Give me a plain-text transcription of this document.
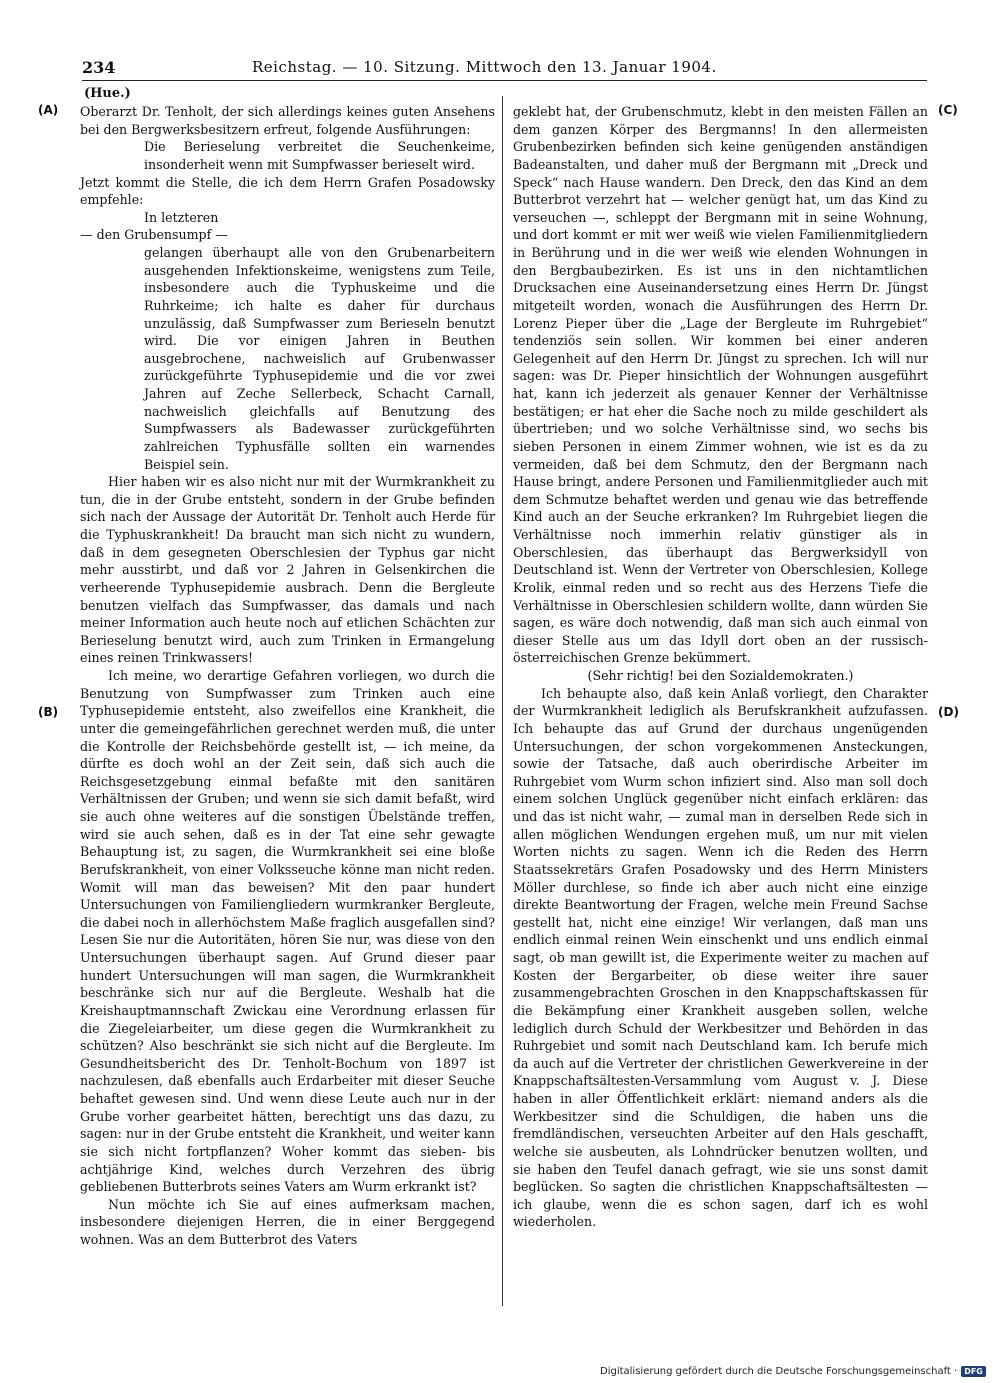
234	Reichstag. — 10. Sitzung. Mittwoch den 13. Januar 1904.
(Hue.)
(A)
(B)
(C)
(D)

Oberarzt Dr. Tenholt, der sich allerdings keines guten Ansehens bei den Bergwerksbesitzern erfreut, folgende Ausführungen:

Die Berieselung verbreitet die Seuchenkeime, insonderheit wenn mit Sumpfwasser berieselt wird.

Jetzt kommt die Stelle, die ich dem Herrn Grafen Posadowsky empfehle:

In letzteren

— den Grubensumpf —

gelangen überhaupt alle von den Grubenarbeitern ausgehenden Infektionskeime, wenigstens zum Teile, insbesondere auch die Typhuskeime und die Ruhrkeime; ich halte es daher für durchaus unzulässig, daß Sumpfwasser zum Berieseln benutzt wird. Die vor einigen Jahren in Beuthen ausgebrochene, nachweislich auf Grubenwasser zurückgeführte Typhusepidemie und die vor zwei Jahren auf Zeche Sellerbeck, Schacht Carnall, nachweislich gleichfalls auf Benutzung des Sumpfwassers als Badewasser zurückgeführten zahlreichen Typhusfälle sollten ein warnendes Beispiel sein.

Hier haben wir es also nicht nur mit der Wurmkrankheit zu tun, die in der Grube entsteht, sondern in der Grube befinden sich nach der Aussage der Autorität Dr. Tenholt auch Herde für die Typhuskrankheit! Da braucht man sich nicht zu wundern, daß in dem gesegneten Oberschlesien der Typhus gar nicht mehr ausstirbt, und daß vor 2 Jahren in Gelsenkirchen die verheerende Typhusepidemie ausbrach. Denn die Bergleute benutzen vielfach das Sumpfwasser, das damals und nach meiner Information auch heute noch auf etlichen Schächten zur Berieselung benutzt wird, auch zum Trinken in Ermangelung eines reinen Trinkwassers!

Ich meine, wo derartige Gefahren vorliegen, wo durch die Benutzung von Sumpfwasser zum Trinken auch eine Typhusepidemie entsteht, also zweifellos eine Krankheit, die unter die gemeingefährlichen gerechnet werden muß, die unter die Kontrolle der Reichsbehörde gestellt ist, — ich meine, da dürfte es doch wohl an der Zeit sein, daß sich auch die Reichsgesetzgebung einmal befaßte mit den sanitären Verhältnissen der Gruben; und wenn sie sich damit befaßt, wird sie auch ohne weiteres auf die sonstigen Übelstände treffen, wird sie auch sehen, daß es in der Tat eine sehr gewagte Behauptung ist, zu sagen, die Wurmkrankheit sei eine bloße Berufskrankheit, von einer Volksseuche könne man nicht reden. Womit will man das beweisen? Mit den paar hundert Untersuchungen von Familiengliedern wurmkranker Bergleute, die dabei noch in allerhöchstem Maße fraglich ausgefallen sind? Lesen Sie nur die Autoritäten, hören Sie nur, was diese von den Untersuchungen überhaupt sagen. Auf Grund dieser paar hundert Untersuchungen will man sagen, die Wurmkrankheit beschränke sich nur auf die Bergleute. Weshalb hat die Kreishauptmannschaft Zwickau eine Verordnung erlassen für die Ziegeleiarbeiter, um diese gegen die Wurmkrankheit zu schützen? Also beschränkt sie sich nicht auf die Bergleute. Im Gesundheitsbericht des Dr. Tenholt-Bochum von 1897 ist nachzulesen, daß ebenfalls auch Erdarbeiter mit dieser Seuche behaftet gewesen sind. Und wenn diese Leute auch nur in der Grube vorher gearbeitet hätten, berechtigt uns das dazu, zu sagen: nur in der Grube entsteht die Krankheit, und weiter kann sie sich nicht fortpflanzen? Woher kommt das sieben- bis achtjährige Kind, welches durch Verzehren des übrig gebliebenen Butterbrots seines Vaters am Wurm erkrankt ist?

Nun möchte ich Sie auf eines aufmerksam machen, insbesondere diejenigen Herren, die in einer Berggegend wohnen. Was an dem Butterbrot des Vaters

geklebt hat, der Grubenschmutz, klebt in den meisten Fällen an dem ganzen Körper des Bergmanns! In den allermeisten Grubenbezirken befinden sich keine genügenden anständigen Badeanstalten, und daher muß der Bergmann mit „Dreck und Speck“ nach Hause wandern. Den Dreck, den das Kind an dem Butterbrot verzehrt hat — welcher genügt hat, um das Kind zu verseuchen —, schleppt der Bergmann mit in seine Wohnung, und dort kommt er mit wer weiß wie vielen Familienmitgliedern in Berührung und in die wer weiß wie elenden Wohnungen in den Bergbaubezirken. Es ist uns in den nichtamtlichen Drucksachen eine Auseinandersetzung eines Herrn Dr. Jüngst mitgeteilt worden, wonach die Ausführungen des Herrn Dr. Lorenz Pieper über die „Lage der Bergleute im Ruhrgebiet“ tendenziös sein sollen. Wir kommen bei einer anderen Gelegenheit auf den Herrn Dr. Jüngst zu sprechen. Ich will nur sagen: was Dr. Pieper hinsichtlich der Wohnungen ausgeführt hat, kann ich jederzeit als genauer Kenner der Verhältnisse bestätigen; er hat eher die Sache noch zu milde geschildert als übertrieben; und wo solche Verhältnisse sind, wo sechs bis sieben Personen in einem Zimmer wohnen, wie ist es da zu vermeiden, daß bei dem Schmutz, den der Bergmann nach Hause bringt, andere Personen und Familienmitglieder auch mit dem Schmutze behaftet werden und genau wie das betreffende Kind auch an der Seuche erkranken? Im Ruhrgebiet liegen die Verhältnisse noch immerhin relativ günstiger als in Oberschlesien, das überhaupt das Bergwerksidyll von Deutschland ist. Wenn der Vertreter von Oberschlesien, Kollege Krolik, einmal reden und so recht aus des Herzens Tiefe die Verhältnisse in Oberschlesien schildern wollte, dann würden Sie sagen, es wäre doch notwendig, daß man sich auch einmal von dieser Stelle aus um das Idyll dort oben an der russisch-österreichischen Grenze bekümmert.

(Sehr richtig! bei den Sozialdemokraten.)

Ich behaupte also, daß kein Anlaß vorliegt, den Charakter der Wurmkrankheit lediglich als Berufskrankheit aufzufassen. Ich behaupte das auf Grund der durchaus ungenügenden Untersuchungen, der schon vorgekommenen Ansteckungen, sowie der Tatsache, daß auch oberirdische Arbeiter im Ruhrgebiet vom Wurm schon infiziert sind. Also man soll doch einem solchen Unglück gegenüber nicht einfach erklären: das und das ist nicht wahr, — zumal man in derselben Rede sich in allen möglichen Wendungen ergehen muß, um nur mit vielen Worten nichts zu sagen. Wenn ich die Reden des Herrn Staatssekretärs Grafen Posadowsky und des Herrn Ministers Möller durchlese, so finde ich aber auch nicht eine einzige direkte Beantwortung der Fragen, welche mein Freund Sachse gestellt hat, nicht eine einzige! Wir verlangen, daß man uns endlich einmal reinen Wein einschenkt und uns endlich einmal sagt, ob man gewillt ist, die Experimente weiter zu machen auf Kosten der Bergarbeiter, ob diese weiter ihre sauer zusammengebrachten Groschen in den Knappschaftskassen für die Bekämpfung einer Krankheit ausgeben sollen, welche lediglich durch Schuld der Werkbesitzer und Behörden in das Ruhrgebiet und somit nach Deutschland kam. Ich berufe mich da auch auf die Vertreter der christlichen Gewerkvereine in der Knappschaftsältesten-Versammlung vom August v. J. Diese haben in aller Öffentlichkeit erklärt: niemand anders als die Werkbesitzer sind die Schuldigen, die haben uns die fremdländischen, verseuchten Arbeiter auf den Hals geschafft, welche sie ausbeuten, als Lohndrücker benutzen wollten, und sie haben den Teufel danach gefragt, wie sie uns sonst damit beglücken. So sagten die christlichen Knappschaftsältesten — ich glaube, wenn die es schon sagen, darf ich es wohl wiederholen.

Digitalisierung gefördert durch die Deutsche Forschungsgemeinschaft · DFG
